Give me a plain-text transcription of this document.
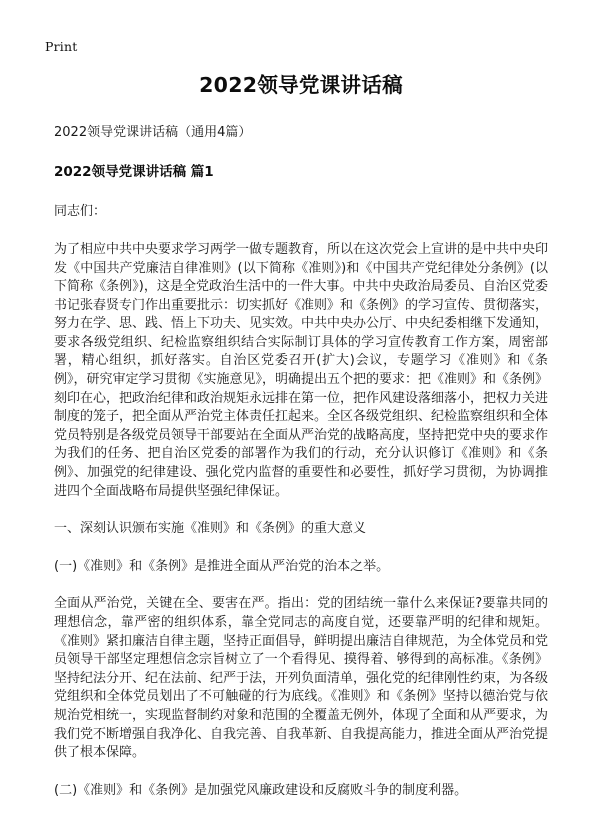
Print
2022领导党课讲话稿
2022领导党课讲话稿（通用4篇）
2022领导党课讲话稿 篇1
同志们：

为了相应中共中央要求学习两学一做专题教育，所以在这次党会上宣讲的是中共中央印发《中国共产党廉洁自律准则》(以下简称《准则》)和《中国共产党纪律处分条例》(以下简称《条例》)，这是全党政治生活中的一件大事。中共中央政治局委员、自治区党委书记张春贤专门作出重要批示：切实抓好《准则》和《条例》的学习宣传、贯彻落实，努力在学、思、践、悟上下功夫、见实效。中共中央办公厅、中央纪委相继下发通知，要求各级党组织、纪检监察组织结合实际制订具体的学习宣传教育工作方案，周密部署，精心组织，抓好落实。自治区党委召开(扩大)会议，专题学习《准则》和《条例》，研究审定学习贯彻《实施意见》，明确提出五个把的要求：把《准则》和《条例》刻印在心，把政治纪律和政治规矩永远排在第一位，把作风建设落细落小，把权力关进制度的笼子，把全面从严治党主体责任扛起来。全区各级党组织、纪检监察组织和全体党员特别是各级党员领导干部要站在全面从严治党的战略高度，坚持把党中央的要求作为我们的任务、把自治区党委的部署作为我们的行动，充分认识修订《准则》和《条例》、加强党的纪律建设、强化党内监督的重要性和必要性，抓好学习贯彻，为协调推进四个全面战略布局提供坚强纪律保证。

一、深刻认识颁布实施《准则》和《条例》的重大意义

(一)《准则》和《条例》是推进全面从严治党的治本之举。

全面从严治党，关键在全、要害在严。指出：党的团结统一靠什么来保证?要靠共同的理想信念，靠严密的组织体系，靠全党同志的高度自觉，还要靠严明的纪律和规矩。《准则》紧扣廉洁自律主题，坚持正面倡导，鲜明提出廉洁自律规范，为全体党员和党员领导干部坚定理想信念宗旨树立了一个看得见、摸得着、够得到的高标准。《条例》坚持纪法分开、纪在法前、纪严于法，开列负面清单，强化党的纪律刚性约束，为各级党组织和全体党员划出了不可触碰的行为底线。《准则》和《条例》坚持以德治党与依规治党相统一，实现监督制约对象和范围的全覆盖无例外，体现了全面和从严要求，为我们党不断增强自我净化、自我完善、自我革新、自我提高能力，推进全面从严治党提供了根本保障。

(二)《准则》和《条例》是加强党风廉政建设和反腐败斗争的制度利器。
